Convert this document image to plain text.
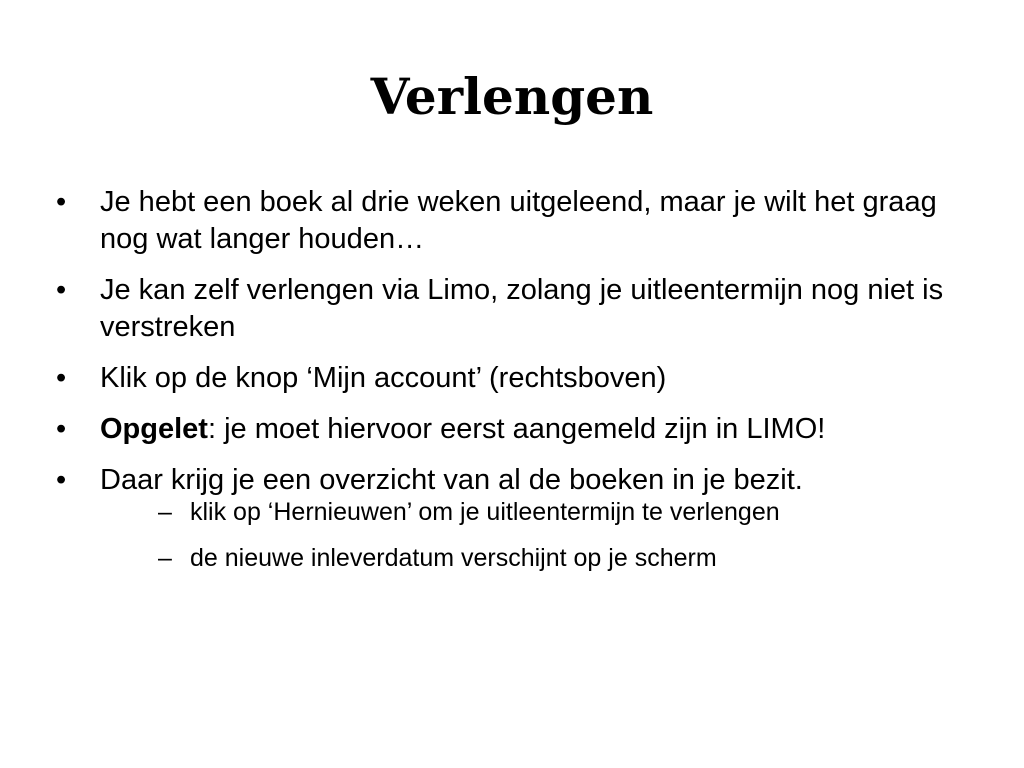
Verlengen
•	Je hebt een boek al drie weken uitgeleend, maar je wilt het graag nog wat langer houden…
•	Je kan zelf verlengen via Limo, zolang je uitleentermijn nog niet is verstreken
•	Klik op de knop ‘Mijn account’ (rechtsboven)
•	Opgelet: je moet hiervoor eerst aangemeld zijn in LIMO!
•	Daar krijg je een overzicht van al de boeken in je bezit.
– klik op ‘Hernieuwen’ om je uitleentermijn te verlengen
– de nieuwe inleverdatum verschijnt op je scherm
